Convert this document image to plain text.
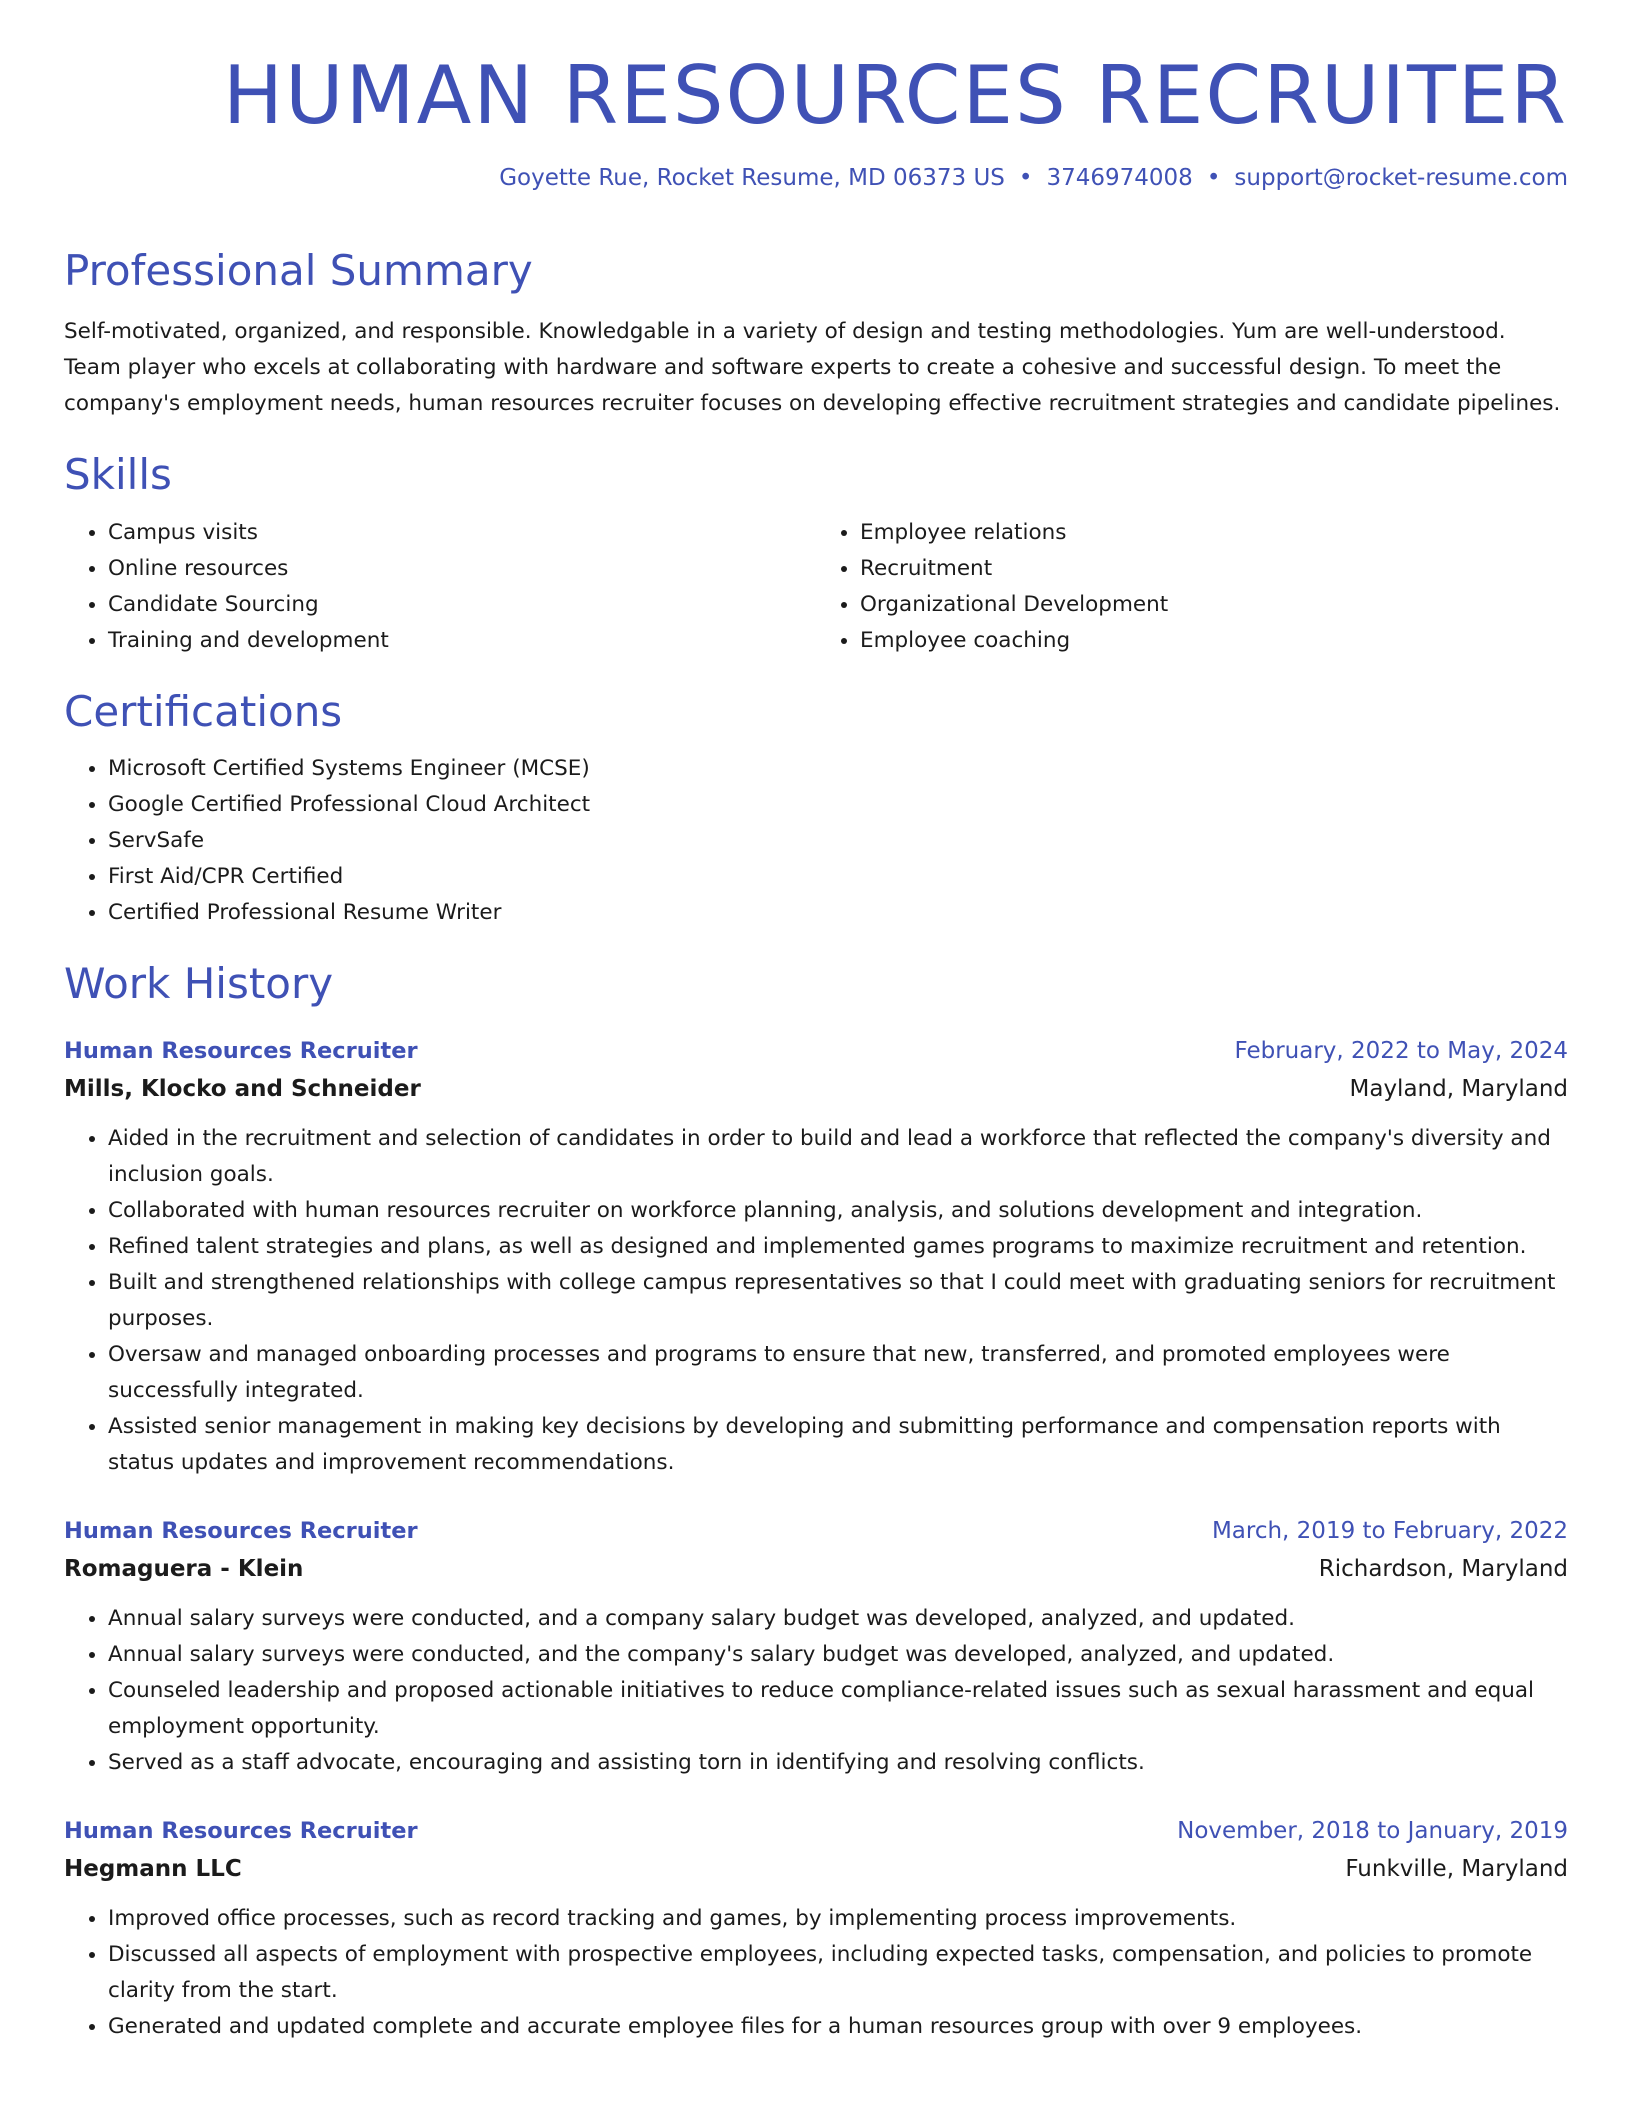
HUMAN RESOURCES RECRUITER
Goyette Rue, Rocket Resume, MD 06373 US • 3746974008 • support@rocket-resume.com
Professional Summary
Self-motivated, organized, and responsible. Knowledgable in a variety of design and testing methodologies. Yum are well-understood. Team player who excels at collaborating with hardware and software experts to create a cohesive and successful design. To meet the company's employment needs, human resources recruiter focuses on developing effective recruitment strategies and candidate pipelines.
Skills
• Campus visits
• Online resources
• Candidate Sourcing
• Training and development
• Employee relations
• Recruitment
• Organizational Development
• Employee coaching
Certifications
• Microsoft Certified Systems Engineer (MCSE)
• Google Certified Professional Cloud Architect
• ServSafe
• First Aid/CPR Certified
• Certified Professional Resume Writer
Work History
Human Resources Recruiter	February, 2022 to May, 2024
Mills, Klocko and Schneider	Mayland, Maryland
• Aided in the recruitment and selection of candidates in order to build and lead a workforce that reflected the company's diversity and inclusion goals.
• Collaborated with human resources recruiter on workforce planning, analysis, and solutions development and integration.
• Refined talent strategies and plans, as well as designed and implemented games programs to maximize recruitment and retention.
• Built and strengthened relationships with college campus representatives so that I could meet with graduating seniors for recruitment purposes.
• Oversaw and managed onboarding processes and programs to ensure that new, transferred, and promoted employees were successfully integrated.
• Assisted senior management in making key decisions by developing and submitting performance and compensation reports with status updates and improvement recommendations.
Human Resources Recruiter	March, 2019 to February, 2022
Romaguera - Klein	Richardson, Maryland
• Annual salary surveys were conducted, and a company salary budget was developed, analyzed, and updated.
• Annual salary surveys were conducted, and the company's salary budget was developed, analyzed, and updated.
• Counseled leadership and proposed actionable initiatives to reduce compliance-related issues such as sexual harassment and equal employment opportunity.
• Served as a staff advocate, encouraging and assisting torn in identifying and resolving conflicts.
Human Resources Recruiter	November, 2018 to January, 2019
Hegmann LLC	Funkville, Maryland
• Improved office processes, such as record tracking and games, by implementing process improvements.
• Discussed all aspects of employment with prospective employees, including expected tasks, compensation, and policies to promote clarity from the start.
• Generated and updated complete and accurate employee files for a human resources group with over 9 employees.
